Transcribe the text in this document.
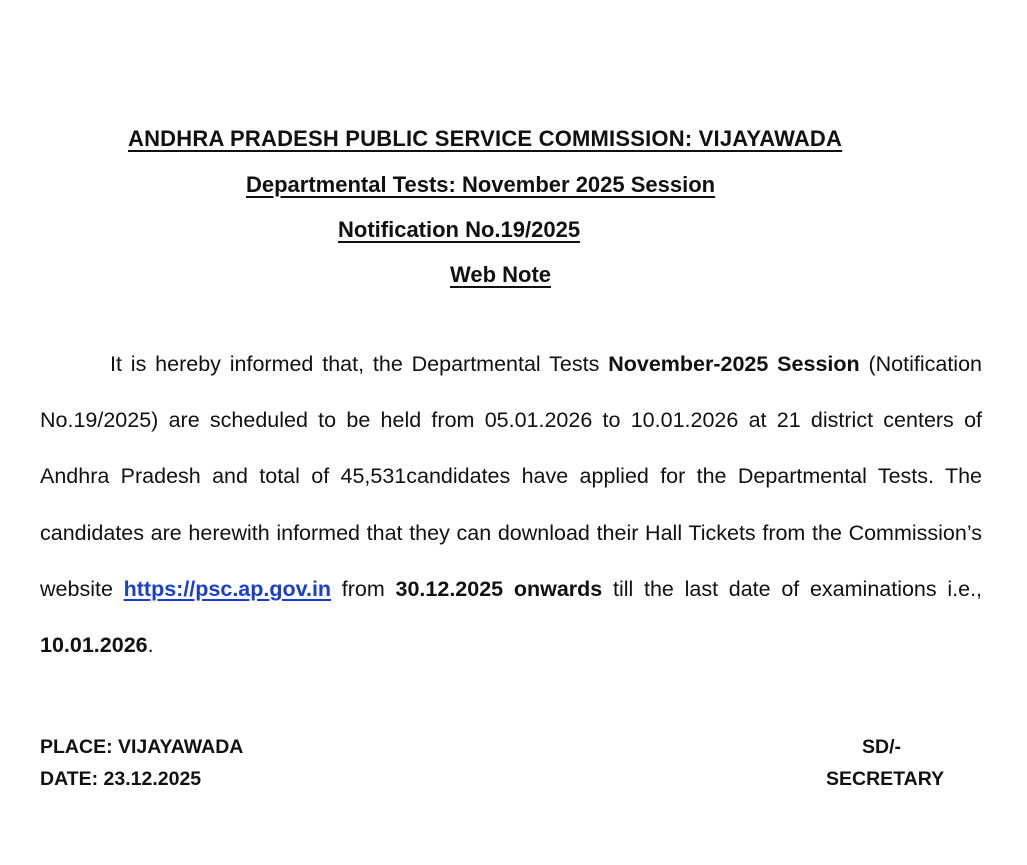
ANDHRA PRADESH PUBLIC SERVICE COMMISSION: VIJAYAWADA
Departmental Tests: November 2025 Session
Notification No.19/2025
Web Note
It is hereby informed that, the Departmental Tests November-2025 Session (Notification No.19/2025) are scheduled to be held from 05.01.2026 to 10.01.2026 at 21 district centers of Andhra Pradesh and total of 45,531candidates have applied for the Departmental Tests. The candidates are herewith informed that they can download their Hall Tickets from the Commission’s website https://psc.ap.gov.in from 30.12.2025 onwards till the last date of examinations i.e., 10.01.2026.
PLACE: VIJAYAWADA
DATE: 23.12.2025
SD/-
SECRETARY
